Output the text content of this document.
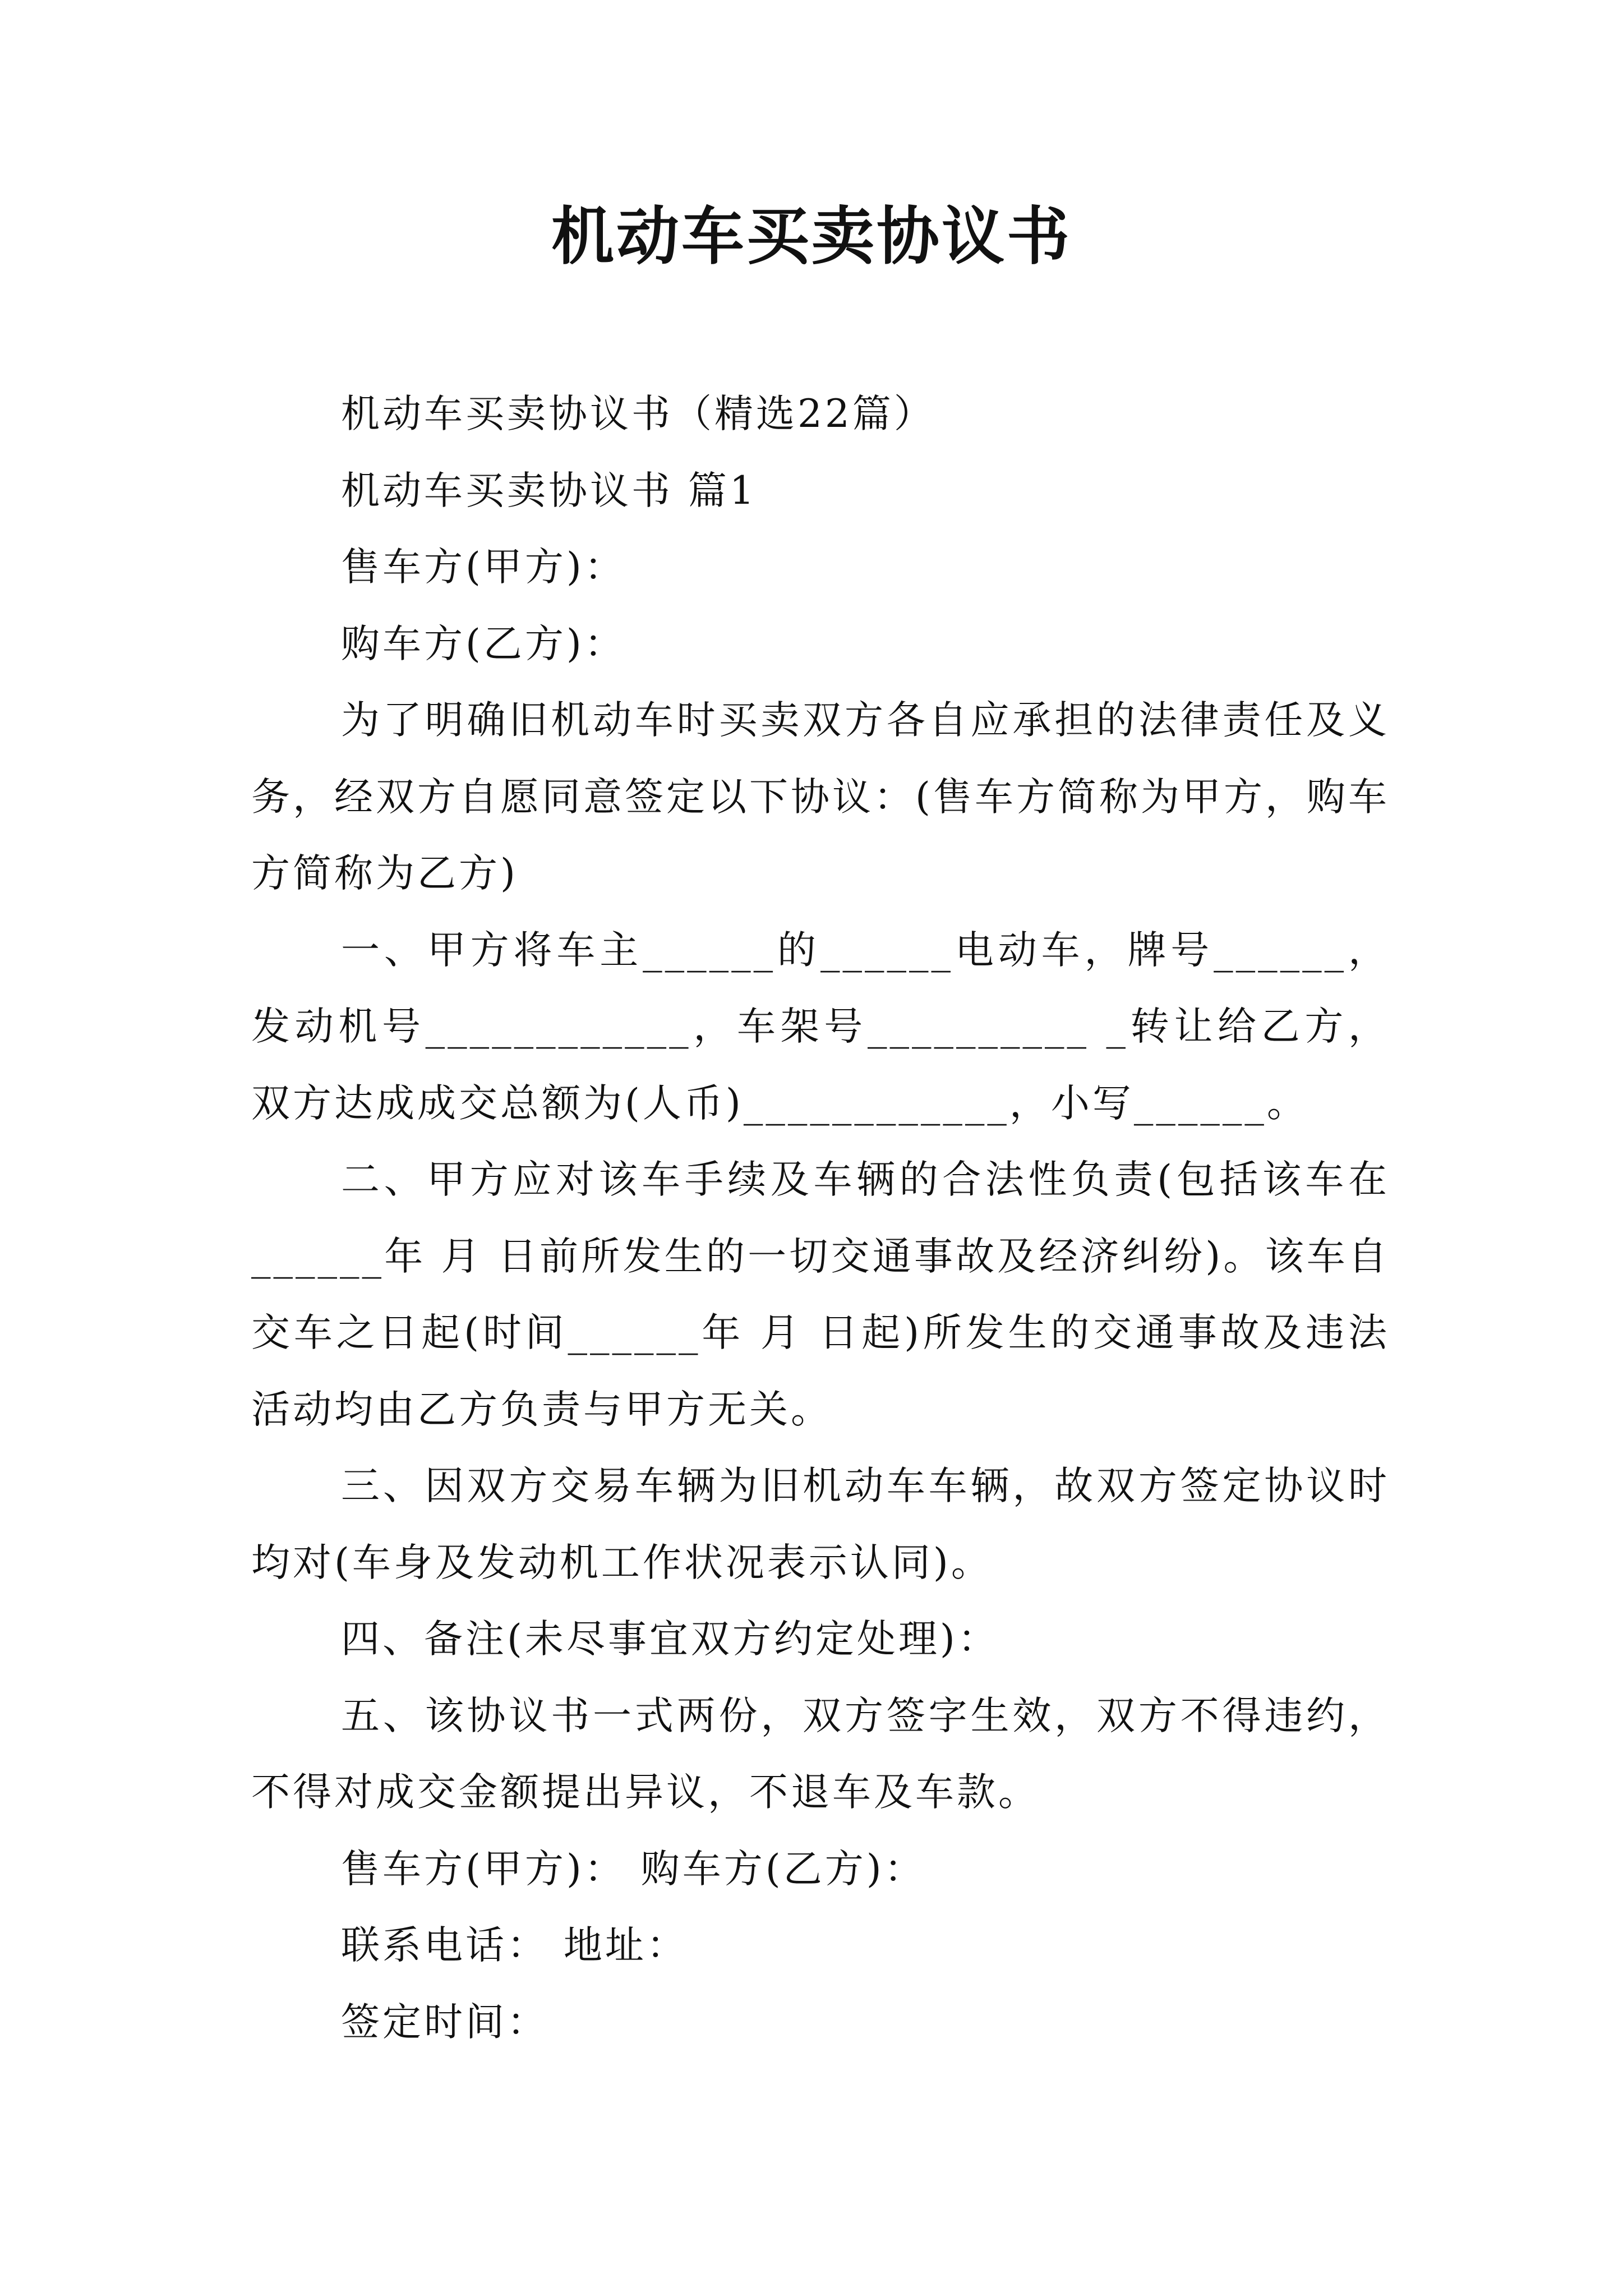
机动车买卖协议书

机动车买卖协议书（精选22篇）

机动车买卖协议书 篇1

售车方(甲方)：

购车方(乙方)：

为了明确旧机动车时买卖双方各自应承担的法律责任及义务，经双方自愿同意签定以下协议：(售车方简称为甲方，购车方简称为乙方)

一、甲方将车主______的______电动车，牌号______，发动机号____________，车架号__________ _转让给乙方，双方达成成交总额为(人币)____________，小写______。

二、甲方应对该车手续及车辆的合法性负责(包括该车在______年 月 日前所发生的一切交通事故及经济纠纷)。该车自交车之日起(时间______年 月 日起)所发生的交通事故及违法活动均由乙方负责与甲方无关。

三、因双方交易车辆为旧机动车车辆，故双方签定协议时均对(车身及发动机工作状况表示认同)。

四、备注(未尽事宜双方约定处理)：

五、该协议书一式两份，双方签字生效，双方不得违约，不得对成交金额提出异议，不退车及车款。

售车方(甲方)： 购车方(乙方)：

联系电话： 地址：

签定时间：
